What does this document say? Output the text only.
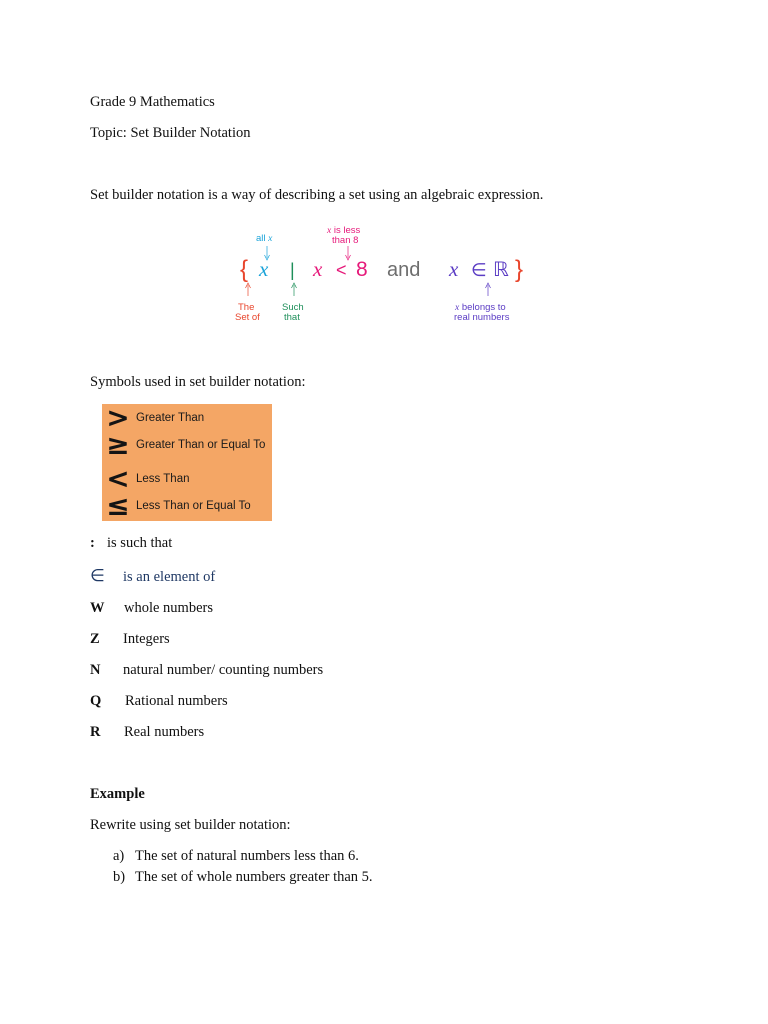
Grade 9 Mathematics
Topic: Set Builder Notation
Set builder notation is a way of describing a set using an algebraic expression.
all x
x is less
than 8
{ x | x < 8 and x ∈ ℝ }
The
Set of
Such
that
x belongs to
real numbers
Symbols used in set builder notation:
> Greater Than
≥ Greater Than or Equal To
< Less Than
≤ Less Than or Equal To
: is such that
∈	is an element of
W	whole numbers
Z	Integers
N	natural number/ counting numbers
Q	Rational numbers
R	Real numbers
Example
Rewrite using set builder notation:
a) The set of natural numbers less than 6.
b) The set of whole numbers greater than 5.
